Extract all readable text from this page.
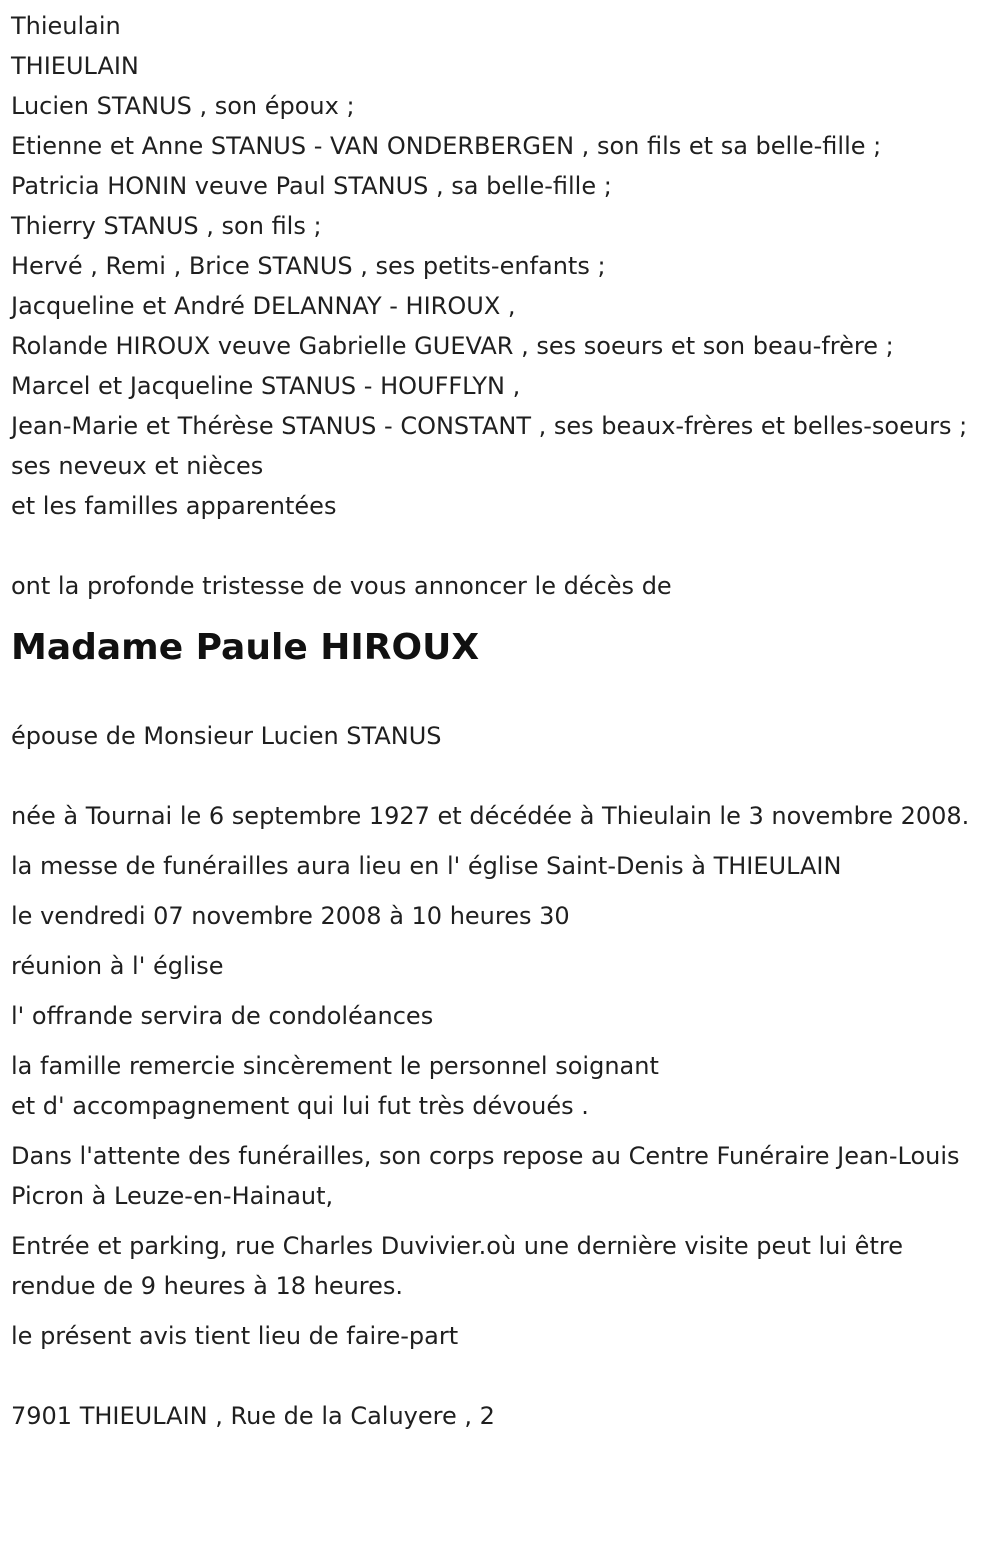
Thieulain

THIEULAIN

Lucien STANUS , son époux ;

Etienne et Anne STANUS - VAN ONDERBERGEN , son fils et sa belle-fille ;

Patricia HONIN veuve Paul STANUS , sa belle-fille ;

Thierry STANUS , son fils ;

Hervé , Remi , Brice STANUS , ses petits-enfants ;

Jacqueline et André DELANNAY - HIROUX ,

Rolande HIROUX veuve Gabrielle GUEVAR , ses soeurs et son beau-frère ;

Marcel et Jacqueline STANUS - HOUFFLYN ,

Jean-Marie et Thérèse STANUS - CONSTANT , ses beaux-frères et belles-soeurs ;

ses neveux et nièces

et les familles apparentées

ont la profonde tristesse de vous annoncer le décès de

Madame Paule HIROUX

épouse de Monsieur Lucien STANUS

née à Tournai le 6 septembre 1927 et décédée à Thieulain le 3 novembre 2008.

la messe de funérailles aura lieu en l' église Saint-Denis à THIEULAIN

le vendredi 07 novembre 2008 à 10 heures 30

réunion à l' église

l' offrande servira de condoléances

la famille remercie sincèrement le personnel soignant

et d' accompagnement qui lui fut très dévoués .

Dans l'attente des funérailles, son corps repose au Centre Funéraire Jean-Louis Picron à Leuze-en-Hainaut,

Entrée et parking, rue Charles Duvivier.où une dernière visite peut lui être rendue de 9 heures à 18 heures.

le présent avis tient lieu de faire-part

7901 THIEULAIN , Rue de la Caluyere , 2
